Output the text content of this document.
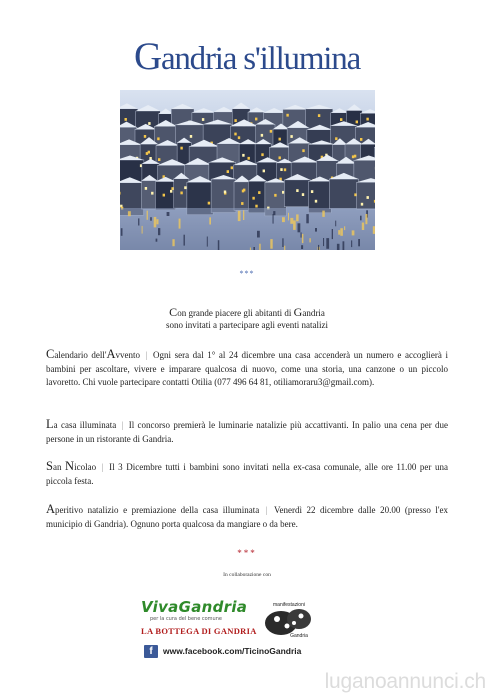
Gandria s'illumina
***
Con grande piacere gli abitanti di Gandria
sono invitati a partecipare agli eventi natalizi
Calendario dell'Avvento | Ogni sera dal 1° al 24 dicembre una casa accenderà un numero e accoglierà i bambini per ascoltare, vivere e imparare qualcosa di nuovo, come una storia, una canzone o un piccolo lavoretto. Chi vuole partecipare contatti Otilia (077 496 64 81, otiliamoraru3@gmail.com).
La casa illuminata | Il concorso premierà le luminarie natalizie più accattivanti. In palio una cena per due persone in un ristorante di Gandria.
San Nicolao | Il 3 Dicembre tutti i bambini sono invitati nella ex-casa comunale, alle ore 11.00 per una piccola festa.
Aperitivo natalizio e premiazione della casa illuminata | Venerdì 22 dicembre dalle 20.00 (presso l'ex municipio di Gandria). Ognuno porta qualcosa da mangiare o da bere.
***
In collaborazione con
VivaGandria
per la cura del bene comune
LA BOTTEGA DI GANDRIA
manifestazioni
Gandria
f	www.facebook.com/TicinoGandria
luganoannunci.ch
